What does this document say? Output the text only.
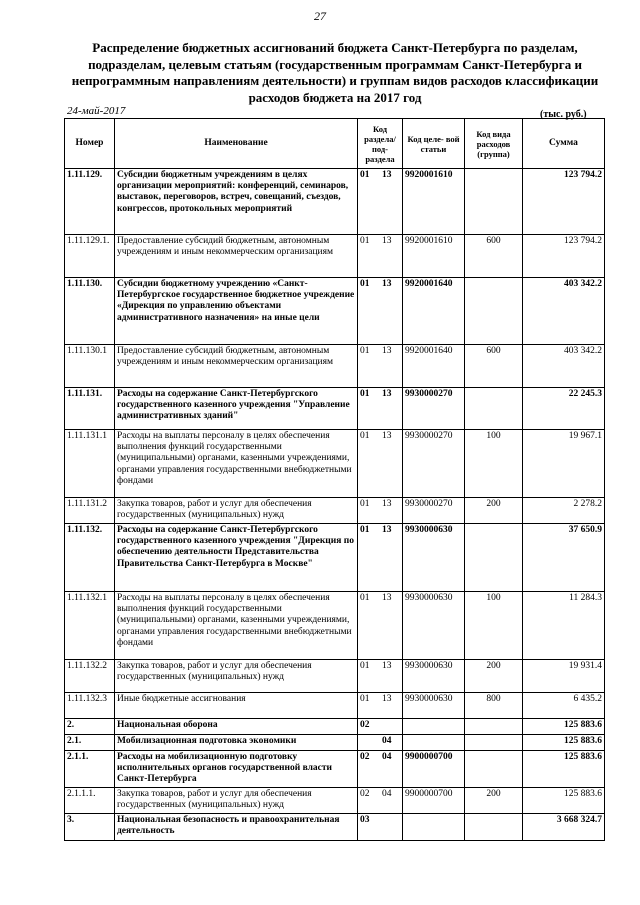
27
Распределение бюджетных ассигнований бюджета Санкт-Петербурга по разделам,
подразделам, целевым статьям (государственным программам Санкт-Петербурга и
непрограммным направлениям деятельности) и группам видов расходов классификации
расходов бюджета на 2017 год
24-май-2017	(тыс. руб.)
Номер	Наименование	Код раздела/ под- раздела	Код целе- вой статьи	Код вида расходов (группа)	Сумма
1.11.129.	Субсидии бюджетным учреждениям в целях организации мероприятий: конференций, семинаров, выставок, переговоров, встреч, совещаний, съездов, конгрессов, протокольных мероприятий	01 13	9920001610		123 794.2
1.11.129.1.	Предоставление субсидий бюджетным, автономным учреждениям и иным некоммерческим организациям	01 13	9920001610	600	123 794.2
1.11.130.	Субсидии бюджетному учреждению «Санкт-Петербургское государственное бюджетное учреждение «Дирекция по управлению объектами административного назначения» на иные цели	01 13	9920001640		403 342.2
1.11.130.1	Предоставление субсидий бюджетным, автономным учреждениям и иным некоммерческим организациям	01 13	9920001640	600	403 342.2
1.11.131.	Расходы на содержание Санкт-Петербургского государственного казенного учреждения "Управление административных зданий"	01 13	9930000270		22 245.3
1.11.131.1	Расходы на выплаты персоналу в целях обеспечения выполнения функций государственными (муниципальными) органами, казенными учреждениями, органами управления государственными внебюджетными фондами	01 13	9930000270	100	19 967.1
1.11.131.2	Закупка товаров, работ и услуг для обеспечения государственных (муниципальных) нужд	01 13	9930000270	200	2 278.2
1.11.132.	Расходы на содержание Санкт-Петербургского государственного казенного учреждения "Дирекция по обеспечению деятельности Представительства Правительства Санкт-Петербурга в Москве"	01 13	9930000630		37 650.9
1.11.132.1	Расходы на выплаты персоналу в целях обеспечения выполнения функций государственными (муниципальными) органами, казенными учреждениями, органами управления государственными внебюджетными фондами	01 13	9930000630	100	11 284.3
1.11.132.2	Закупка товаров, работ и услуг для обеспечения государственных (муниципальных) нужд	01 13	9930000630	200	19 931.4
1.11.132.3	Иные бюджетные ассигнования	01 13	9930000630	800	6 435.2
2.	Национальная оборона	02			125 883.6
2.1.	Мобилизационная подготовка экономики	04			125 883.6
2.1.1.	Расходы на мобилизационную подготовку исполнительных органов государственной власти Санкт-Петербурга	02 04	9900000700		125 883.6
2.1.1.1.	Закупка товаров, работ и услуг для обеспечения государственных (муниципальных) нужд	02 04	9900000700	200	125 883.6
3.	Национальная безопасность и правоохранительная деятельность	03			3 668 324.7
